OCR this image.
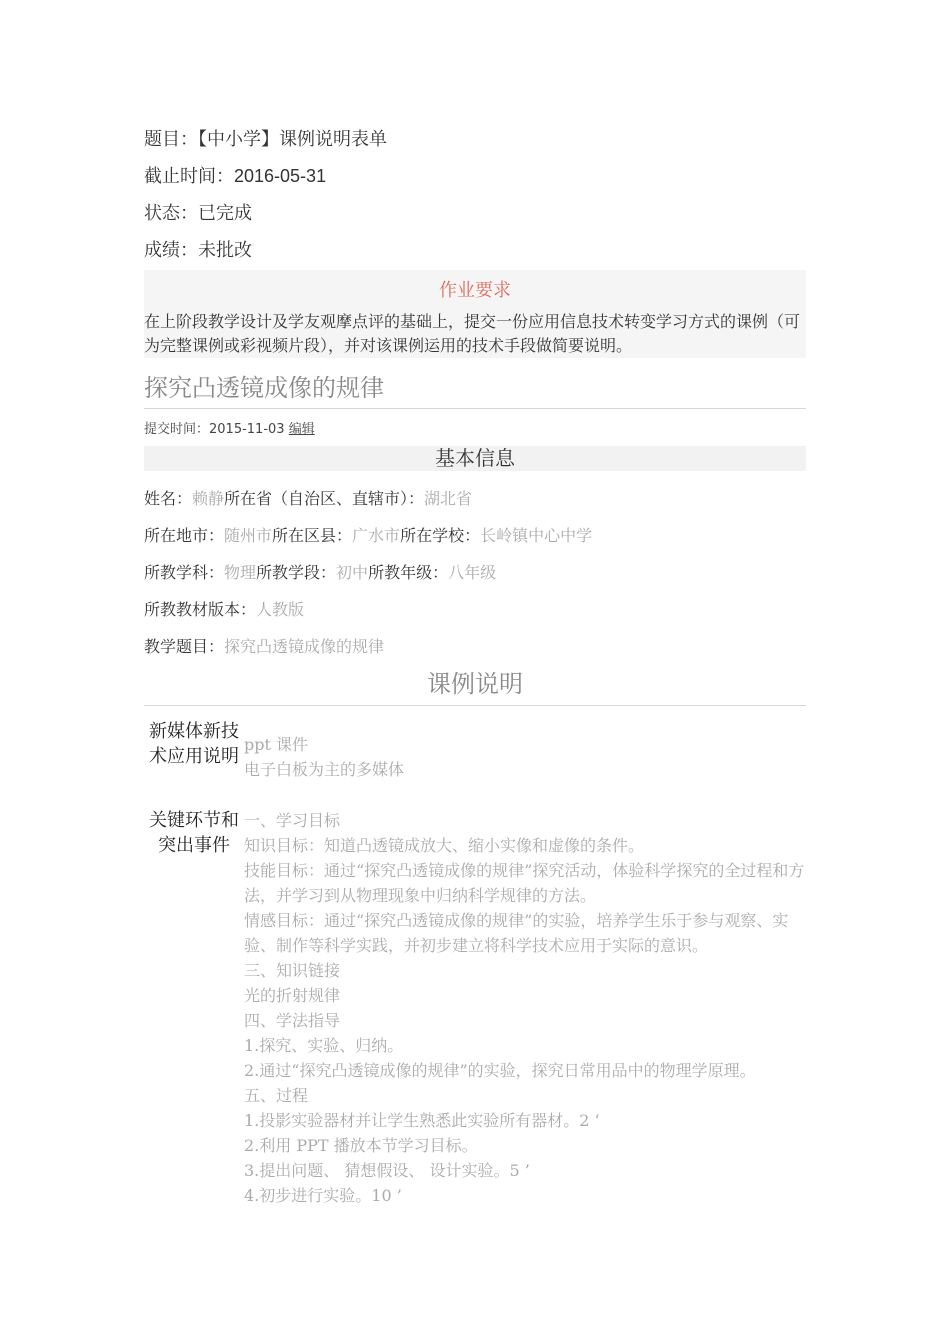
题目：【中小学】课例说明表单
截止时间：2016-05-31
状态：已完成
成绩：未批改
作业要求
在上阶段教学设计及学友观摩点评的基础上，提交一份应用信息技术转变学习方式的课例（可为完整课例或彩视频片段），并对该课例运用的技术手段做简要说明。
探究凸透镜成像的规律
提交时间：2015-11-03 编辑
基本信息
姓名：赖静所在省（自治区、直辖市）：湖北省
所在地市：随州市所在区县：广水市所在学校：长岭镇中心中学
所教学科：物理所教学段：初中所教年级：八年级
所教教材版本：人教版
教学题目：探究凸透镜成像的规律
课例说明
新媒体新技术应用说明
ppt 课件
电子白板为主的多媒体
关键环节和突出事件
一、学习目标
知识目标：知道凸透镜成放大、缩小实像和虚像的条件。
技能目标：通过“探究凸透镜成像的规律”探究活动，体验科学探究的全过程和方法，并学习到从物理现象中归纳科学规律的方法。
情感目标：通过“探究凸透镜成像的规律”的实验，培养学生乐于参与观察、实验、制作等科学实践，并初步建立将科学技术应用于实际的意识。
三、知识链接
光的折射规律
四、学法指导
1.探究、实验、归纳。
2.通过“探究凸透镜成像的规律”的实验，探究日常用品中的物理学原理。
五、过程
1.投影实验器材并让学生熟悉此实验所有器材。2 ‘
2.利用 PPT 播放本节学习目标。
3.提出问题、 猜想假设、 设计实验。5 ’
4.初步进行实验。10 ’
